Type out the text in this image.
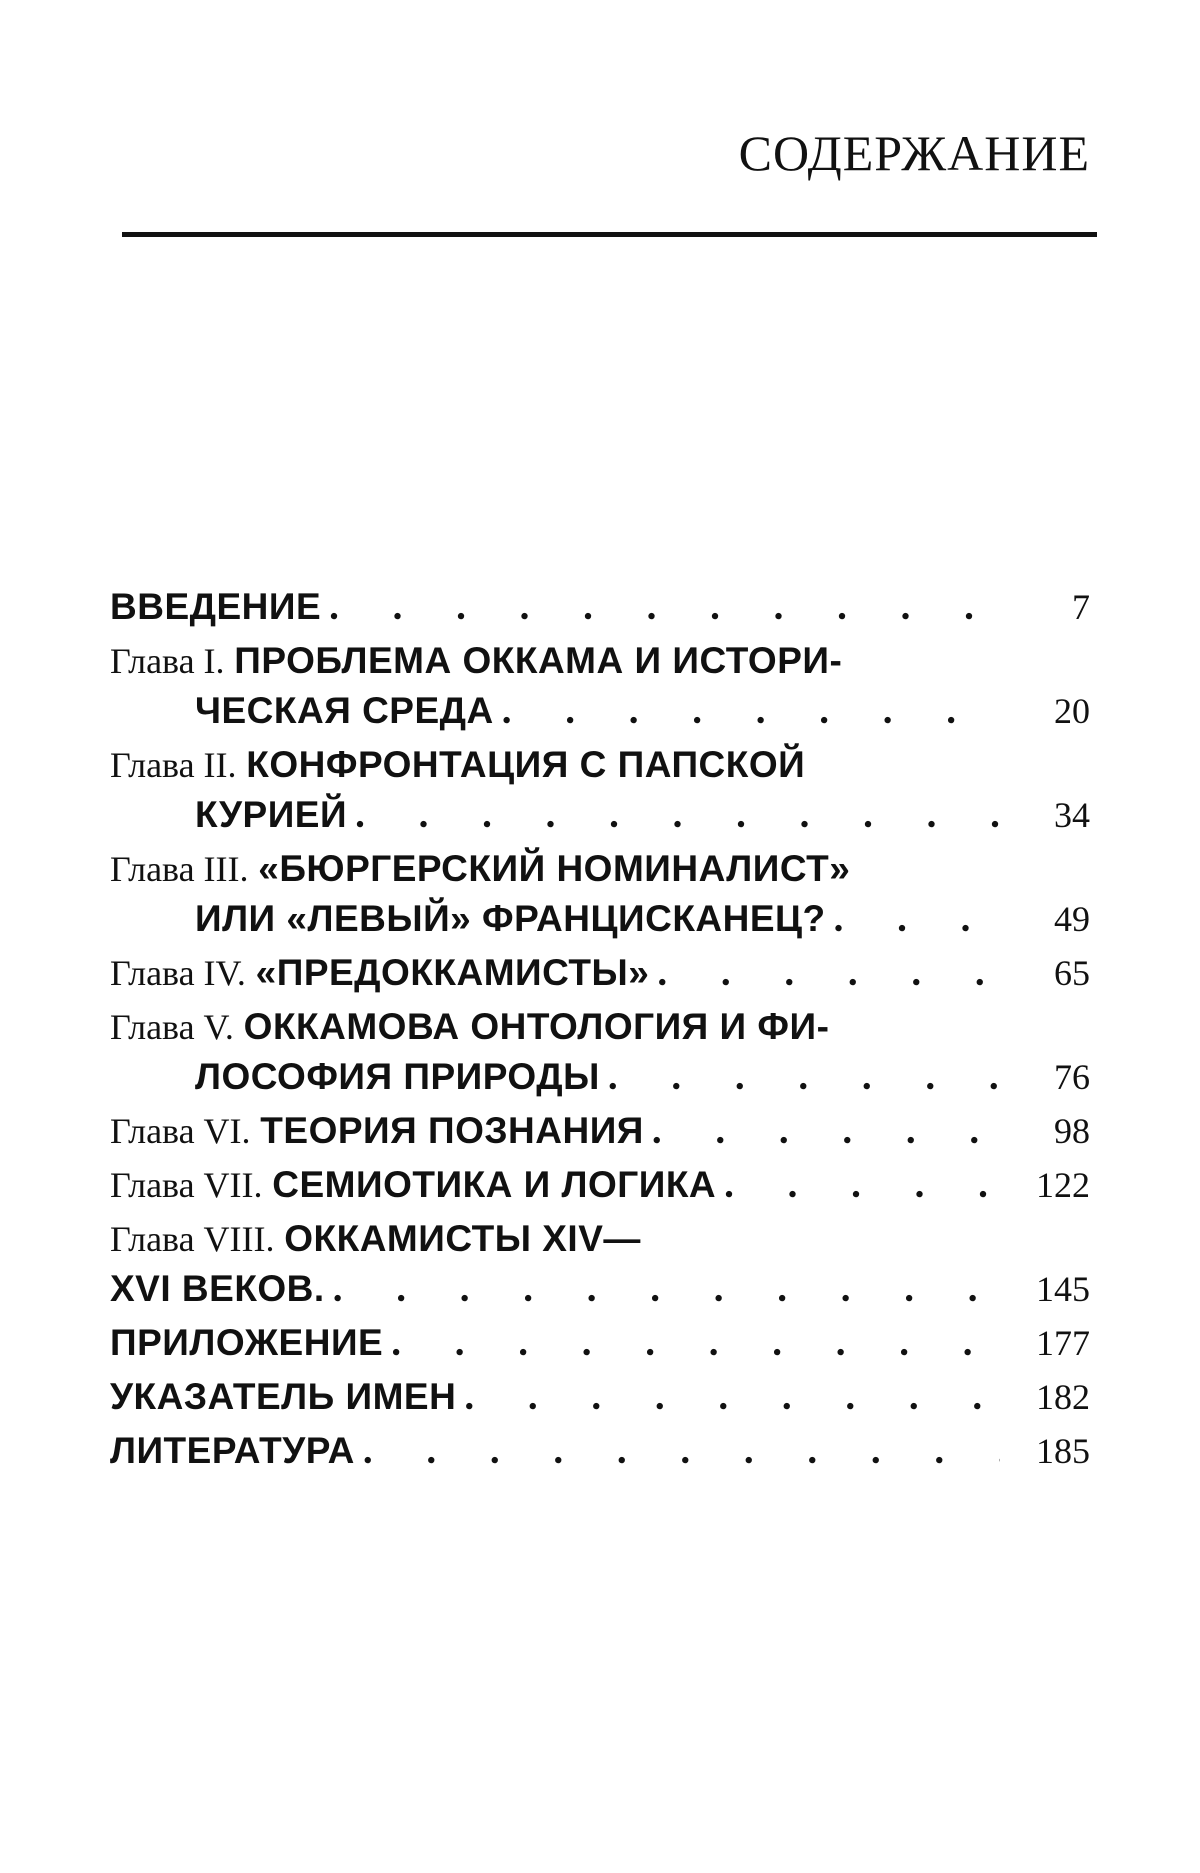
СОДЕРЖАНИЕ
ВВЕДЕНИЕ . . .	7
Глава I.
ПРОБЛЕМА ОККАМА И ИСТОРИ-
ЧЕСКАЯ СРЕДА . . .	20
Глава II.
КОНФРОНТАЦИЯ С ПАПСКОЙ
КУРИЕЙ . . .	34
Глава III.
«БЮРГЕРСКИЙ НОМИНАЛИСТ»
ИЛИ «ЛЕВЫЙ» ФРАНЦИСКАНЕЦ? . . .	49
Глава IV.
«ПРЕДОККАМИСТЫ» . . .	65
Глава V.
ОККАМОВА ОНТОЛОГИЯ И ФИ-
ЛОСОФИЯ ПРИРОДЫ . . .	76
Глава VI.
ТЕОРИЯ ПОЗНАНИЯ . . .	98
Глава VII.
СЕМИОТИКА И ЛОГИКА . . .	122
Глава VIII.
ОККАМИСТЫ XIV—
XVI ВЕКОВ. . . .	145
ПРИЛОЖЕНИЕ . . .	177
УКАЗАТЕЛЬ ИМЕН . . .	182
ЛИТЕРАТУРА . . .	185
